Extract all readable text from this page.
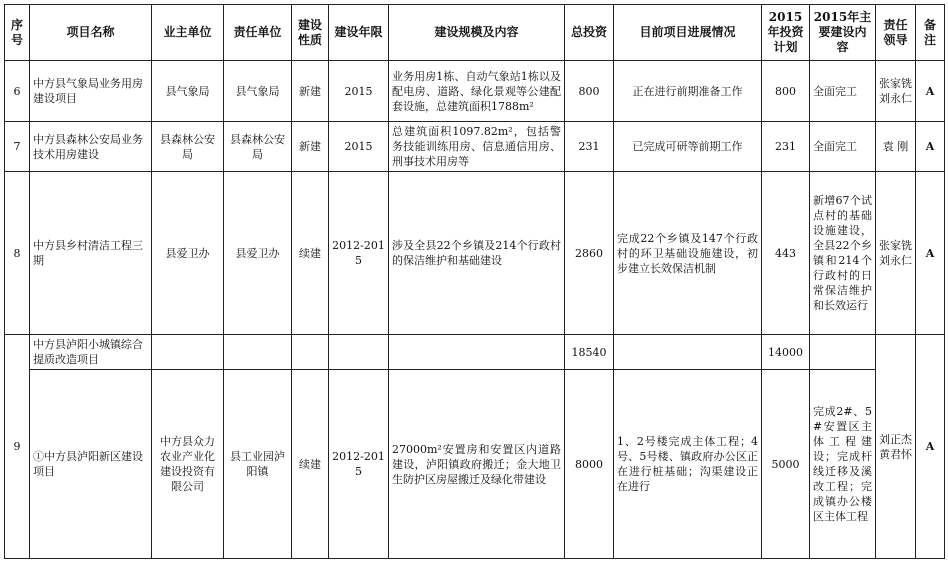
序号	项目名称	业主单位	责任单位	建设性质	建设年限	建设规模及内容	总投资	目前项目进展情况	2015年投资计划	2015年主要建设内容	责任领导	备注
6	中方县气象局业务用房建设项目	县气象局	县气象局	新建	2015	业务用房1栋、自动气象站1栋以及配电房、道路、绿化景观等公建配套设施，总建筑面积1788m²	800	正在进行前期准备工作	800	全面完工	张家铣刘永仁	A
7	中方县森林公安局业务技术用房建设	县森林公安局	县森林公安局	新建	2015	总建筑面积1097.82m²，包括警务技能训练用房、信息通信用房、刑事技术用房等	231	已完成可研等前期工作	231	全面完工	袁 刚	A
8	中方县乡村清洁工程三期	县爱卫办	县爱卫办	续建	2012-2015	涉及全县22个乡镇及214个行政村的保洁维护和基础建设	2860	完成22个乡镇及147个行政村的环卫基础设施建设，初步建立长效保洁机制	443	新增67个试点村的基础设施建设，全县22个乡镇和214个行政村的日常保洁维护和长效运行	张家铣刘永仁	A
9	中方县泸阳小城镇综合提质改造项目						18540		14000		刘正杰黄君怀	A
	①中方县泸阳新区建设项目	中方县众力农业产业化建设投资有限公司	县工业园泸阳镇	续建	2012-2015	27000m²安置房和安置区内道路建设，泸阳镇政府搬迁；金大地卫生防护区房屋搬迁及绿化带建设	8000	1、2号楼完成主体工程；4号、5号楼、镇政府办公区正在进行桩基础；沟渠建设正在进行	5000	完成2#、5#安置区主体工程建设；完成杆线迁移及溪改工程；完成镇办公楼区主体工程		
